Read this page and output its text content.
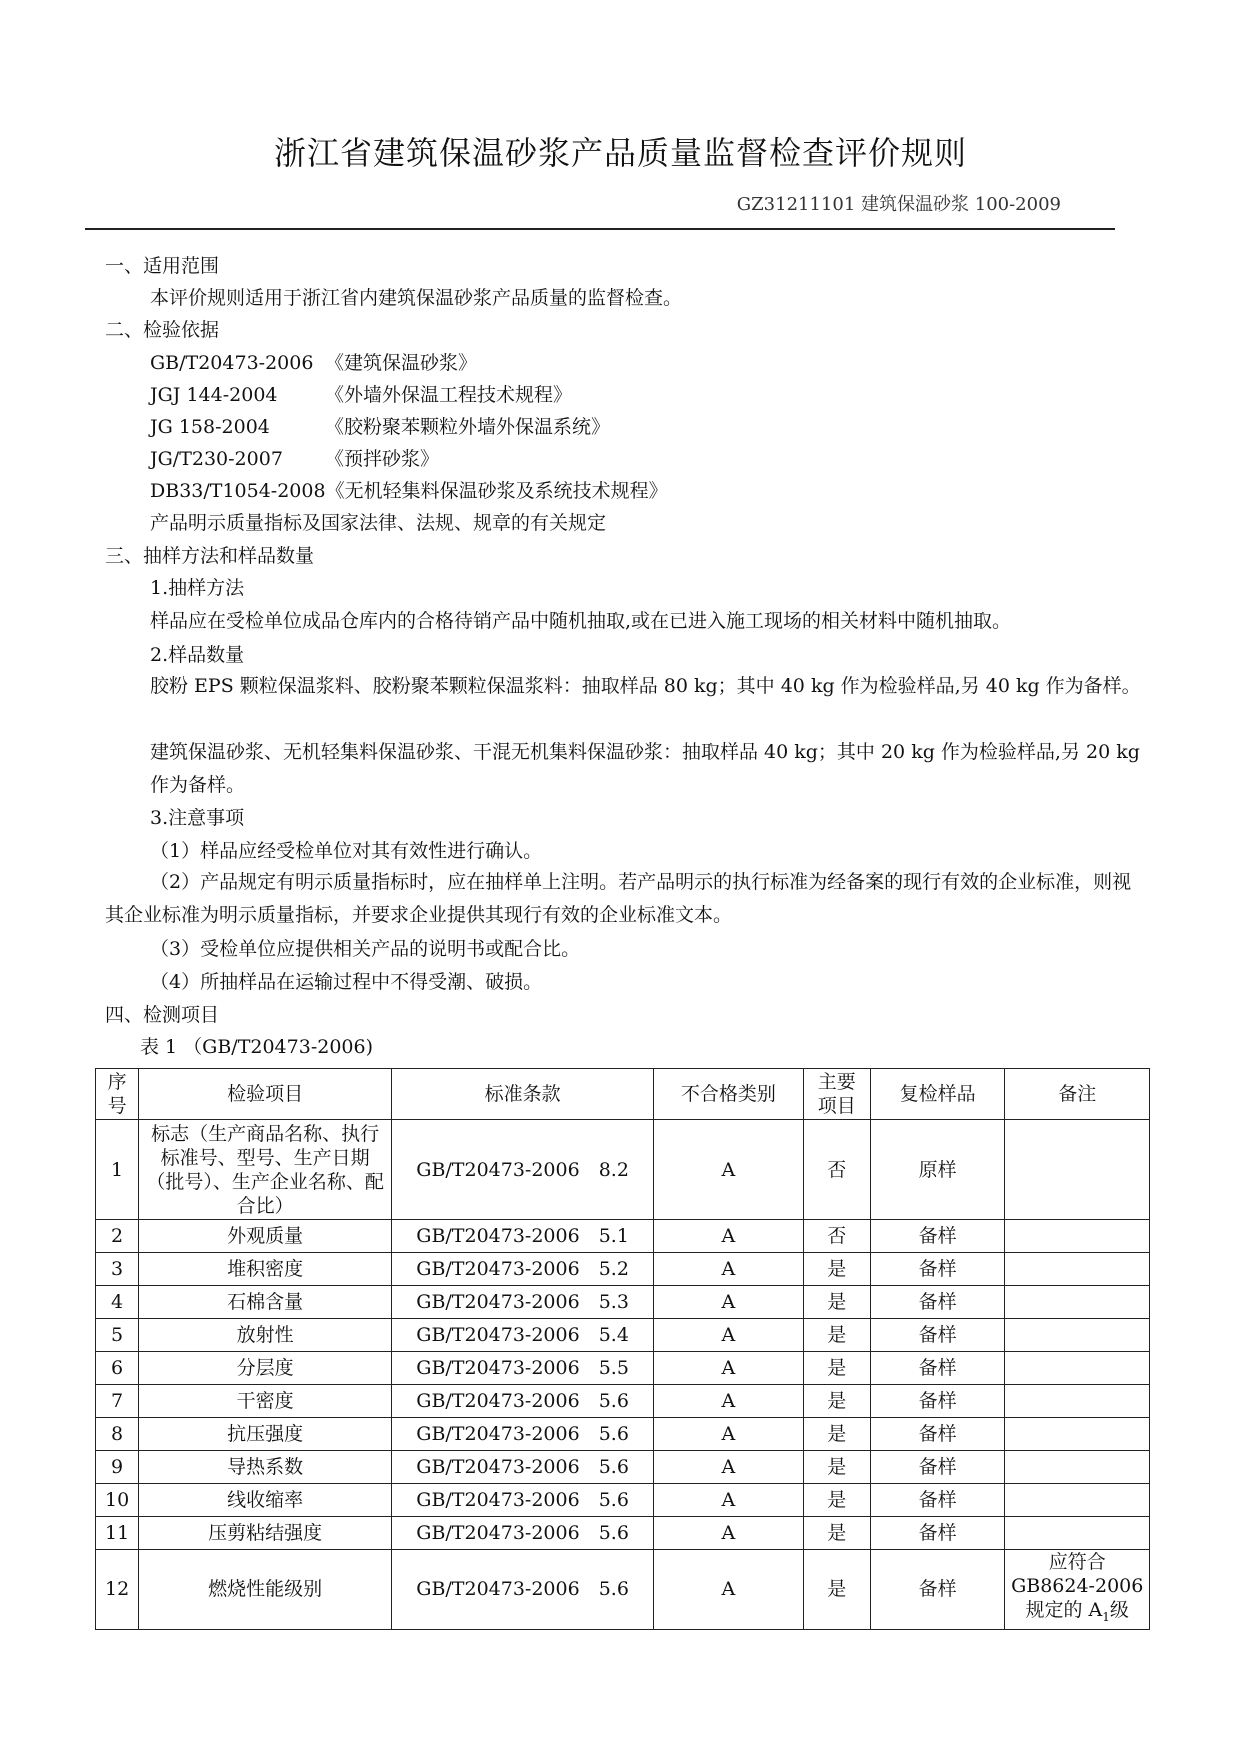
浙江省建筑保温砂浆产品质量监督检查评价规则
GZ31211101 建筑保温砂浆 100-2009
一、适用范围
本评价规则适用于浙江省内建筑保温砂浆产品质量的监督检查。
二、检验依据
GB/T20473-2006 《建筑保温砂浆》
JGJ 144-2004	《外墙外保温工程技术规程》
JG 158-2004	《胶粉聚苯颗粒外墙外保温系统》
JG/T230-2007 《预拌砂浆》
DB33/T1054-2008《无机轻集料保温砂浆及系统技术规程》
产品明示质量指标及国家法律、法规、规章的有关规定
三、抽样方法和样品数量
1.抽样方法
样品应在受检单位成品仓库内的合格待销产品中随机抽取,或在已进入施工现场的相关材料中随机抽取。
2.样品数量
胶粉 EPS 颗粒保温浆料、胶粉聚苯颗粒保温浆料：抽取样品 80 kg；其中 40 kg 作为检验样品,另 40 kg 作为备样。
建筑保温砂浆、无机轻集料保温砂浆、干混无机集料保温砂浆：抽取样品 40 kg；其中 20 kg 作为检验样品,另 20 kg 作为备样。
3.注意事项
（1）样品应经受检单位对其有效性进行确认。
（2）产品规定有明示质量指标时，应在抽样单上注明。若产品明示的执行标准为经备案的现行有效的企业标准，则视其企业标准为明示质量指标，并要求企业提供其现行有效的企业标准文本。
（3）受检单位应提供相关产品的说明书或配合比。
（4）所抽样品在运输过程中不得受潮、破损。
四、检测项目
表 1 （GB/T20473-2006)
序
号	检验项目	标准条款	不合格类别	主要
项目	复检样品	备注
1	标志（生产商品名称、执行标准号、型号、生产日期（批号）、生产企业名称、配合比）	GB/T20473-2006　8.2	A	否	原样	
2	外观质量	GB/T20473-2006　5.1	A	否	备样	
3	堆积密度	GB/T20473-2006　5.2	A	是	备样	
4	石棉含量	GB/T20473-2006　5.3	A	是	备样	
5	放射性	GB/T20473-2006　5.4	A	是	备样	
6	分层度	GB/T20473-2006　5.5	A	是	备样	
7	干密度	GB/T20473-2006　5.6	A	是	备样	
8	抗压强度	GB/T20473-2006　5.6	A	是	备样	
9	导热系数	GB/T20473-2006　5.6	A	是	备样	
10	线收缩率	GB/T20473-2006　5.6	A	是	备样	
11	压剪粘结强度	GB/T20473-2006　5.6	A	是	备样	
12	燃烧性能级别	GB/T20473-2006　5.6	A	是	备样	应符合
GB8624-2006
规定的 $A_1$级
